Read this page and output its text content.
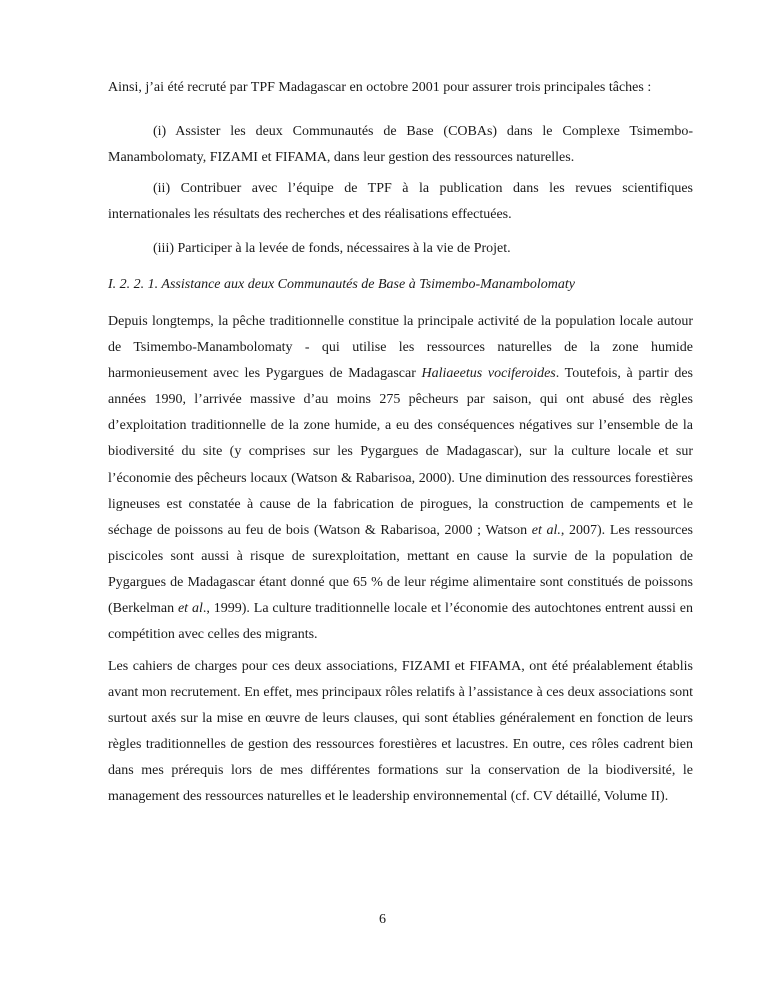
Ainsi, j’ai été recruté par TPF Madagascar en octobre 2001 pour assurer trois principales tâches :

(i) Assister les deux Communautés de Base (COBAs) dans le Complexe Tsimembo-Manambolomaty, FIZAMI et FIFAMA, dans leur gestion des ressources naturelles.

(ii) Contribuer avec l’équipe de TPF à la publication dans les revues scientifiques internationales les résultats des recherches et des réalisations effectuées.

(iii) Participer à la levée de fonds, nécessaires à la vie de Projet.

I. 2. 2. 1. Assistance aux deux Communautés de Base à Tsimembo-Manambolomaty

Depuis longtemps, la pêche traditionnelle constitue la principale activité de la population locale autour de Tsimembo-Manambolomaty - qui utilise les ressources naturelles de la zone humide harmonieusement avec les Pygargues de Madagascar Haliaeetus vociferoides. Toutefois, à partir des années 1990, l’arrivée massive d’au moins 275 pêcheurs par saison, qui ont abusé des règles d’exploitation traditionnelle de la zone humide, a eu des conséquences négatives sur l’ensemble de la biodiversité du site (y comprises sur les Pygargues de Madagascar), sur la culture locale et sur l’économie des pêcheurs locaux (Watson & Rabarisoa, 2000). Une diminution des ressources forestières ligneuses est constatée à cause de la fabrication de pirogues, la construction de campements et le séchage de poissons au feu de bois (Watson & Rabarisoa, 2000 ; Watson et al., 2007). Les ressources piscicoles sont aussi à risque de surexploitation, mettant en cause la survie de la population de Pygargues de Madagascar étant donné que 65 % de leur régime alimentaire sont constitués de poissons (Berkelman et al., 1999). La culture traditionnelle locale et l’économie des autochtones entrent aussi en compétition avec celles des migrants.

Les cahiers de charges pour ces deux associations, FIZAMI et FIFAMA, ont été préalablement établis avant mon recrutement. En effet, mes principaux rôles relatifs à l’assistance à ces deux associations sont surtout axés sur la mise en œuvre de leurs clauses, qui sont établies généralement en fonction de leurs règles traditionnelles de gestion des ressources forestières et lacustres. En outre, ces rôles cadrent bien dans mes prérequis lors de mes différentes formations sur la conservation de la biodiversité, le management des ressources naturelles et le leadership environnemental (cf. CV détaillé, Volume II).

6
